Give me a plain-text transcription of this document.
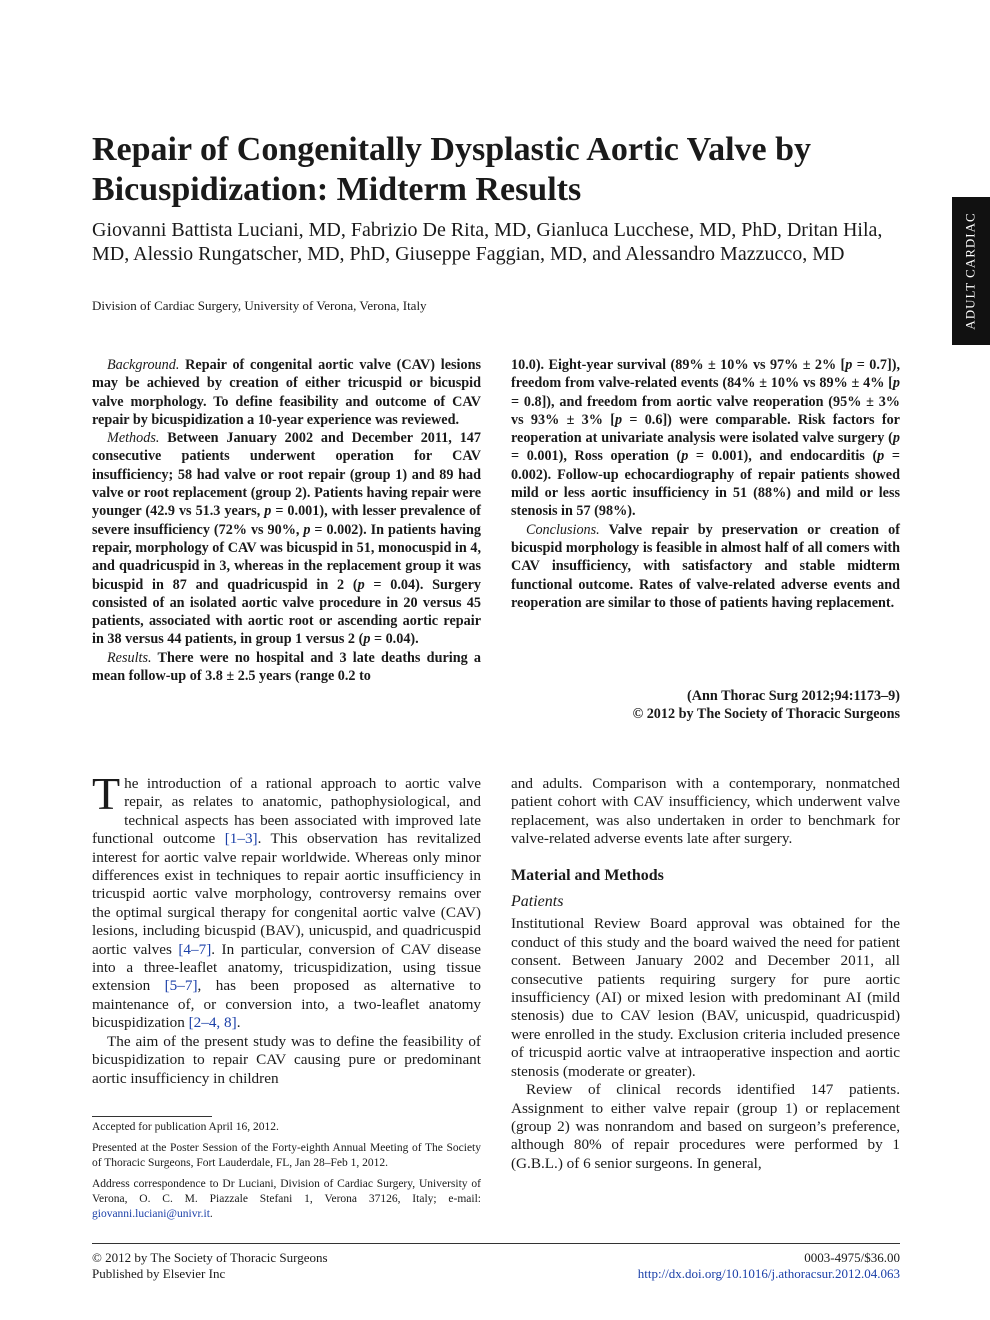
ADULT CARDIAC
Repair of Congenitally Dysplastic Aortic Valve by Bicuspidization: Midterm Results

Giovanni Battista Luciani, MD, Fabrizio De Rita, MD, Gianluca Lucchese, MD, PhD, Dritan Hila, MD, Alessio Rungatscher, MD, PhD, Giuseppe Faggian, MD, and Alessandro Mazzucco, MD

Division of Cardiac Surgery, University of Verona, Verona, Italy

Background. Repair of congenital aortic valve (CAV) lesions may be achieved by creation of either tricuspid or bicuspid valve morphology. To define feasibility and outcome of CAV repair by bicuspidization a 10-year experience was reviewed.

Methods. Between January 2002 and December 2011, 147 consecutive patients underwent operation for CAV insufficiency; 58 had valve or root repair (group 1) and 89 had valve or root replacement (group 2). Patients having repair were younger (42.9 vs 51.3 years, p = 0.001), with lesser prevalence of severe insufficiency (72% vs 90%, p = 0.002). In patients having repair, morphology of CAV was bicuspid in 51, monocuspid in 4, and quadricuspid in 3, whereas in the replacement group it was bicuspid in 87 and quadricuspid in 2 (p = 0.04). Surgery consisted of an isolated aortic valve procedure in 20 versus 45 patients, associated with aortic root or ascending aortic repair in 38 versus 44 patients, in group 1 versus 2 (p = 0.04).

Results. There were no hospital and 3 late deaths during a mean follow-up of 3.8 ± 2.5 years (range 0.2 to

10.0). Eight-year survival (89% ± 10% vs 97% ± 2% [p = 0.7]), freedom from valve-related events (84% ± 10% vs 89% ± 4% [p = 0.8]), and freedom from aortic valve reoperation (95% ± 3% vs 93% ± 3% [p = 0.6]) were comparable. Risk factors for reoperation at univariate analysis were isolated valve surgery (p = 0.001), Ross operation (p = 0.001), and endocarditis (p = 0.002). Follow-up echocardiography of repair patients showed mild or less aortic insufficiency in 51 (88%) and mild or less stenosis in 57 (98%).

Conclusions. Valve repair by preservation or creation of bicuspid morphology is feasible in almost half of all comers with CAV insufficiency, with satisfactory and stable midterm functional outcome. Rates of valve-related adverse events and reoperation are similar to those of patients having replacement.

(Ann Thorac Surg 2012;94:1173–9)
© 2012 by The Society of Thoracic Surgeons

The introduction of a rational approach to aortic valve repair, as relates to anatomic, pathophysiological, and technical aspects has been associated with improved late functional outcome [1–3]. This observation has revitalized interest for aortic valve repair worldwide. Whereas only minor differences exist in techniques to repair aortic insufficiency in tricuspid aortic valve morphology, controversy remains over the optimal surgical therapy for congenital aortic valve (CAV) lesions, including bicuspid (BAV), unicuspid, and quadricuspid aortic valves [4–7]. In particular, conversion of CAV disease into a three-leaflet anatomy, tricuspidization, using tissue extension [5–7], has been proposed as alternative to maintenance of, or conversion into, a two-leaflet anatomy bicuspidization [2–4, 8].

The aim of the present study was to define the feasibility of bicuspidization to repair CAV causing pure or predominant aortic insufficiency in children

Accepted for publication April 16, 2012.

Presented at the Poster Session of the Forty-eighth Annual Meeting of The Society of Thoracic Surgeons, Fort Lauderdale, FL, Jan 28–Feb 1, 2012.

Address correspondence to Dr Luciani, Division of Cardiac Surgery, University of Verona, O. C. M. Piazzale Stefani 1, Verona 37126, Italy; e-mail: giovanni.luciani@univr.it.

and adults. Comparison with a contemporary, nonmatched patient cohort with CAV insufficiency, which underwent valve replacement, was also undertaken in order to benchmark for valve-related adverse events late after surgery.

Material and Methods
Patients

Institutional Review Board approval was obtained for the conduct of this study and the board waived the need for patient consent. Between January 2002 and December 2011, all consecutive patients requiring surgery for pure aortic insufficiency (AI) or mixed lesion with predominant AI (mild stenosis) due to CAV lesion (BAV, unicuspid, quadricuspid) were enrolled in the study. Exclusion criteria included presence of tricuspid aortic valve at intraoperative inspection and aortic stenosis (moderate or greater).

Review of clinical records identified 147 patients. Assignment to either valve repair (group 1) or replacement (group 2) was nonrandom and based on surgeon’s preference, although 80% of repair procedures were performed by 1 (G.B.L.) of 6 senior surgeons. In general,

© 2012 by The Society of Thoracic Surgeons
Published by Elsevier Inc
0003-4975/$36.00
http://dx.doi.org/10.1016/j.athoracsur.2012.04.063
